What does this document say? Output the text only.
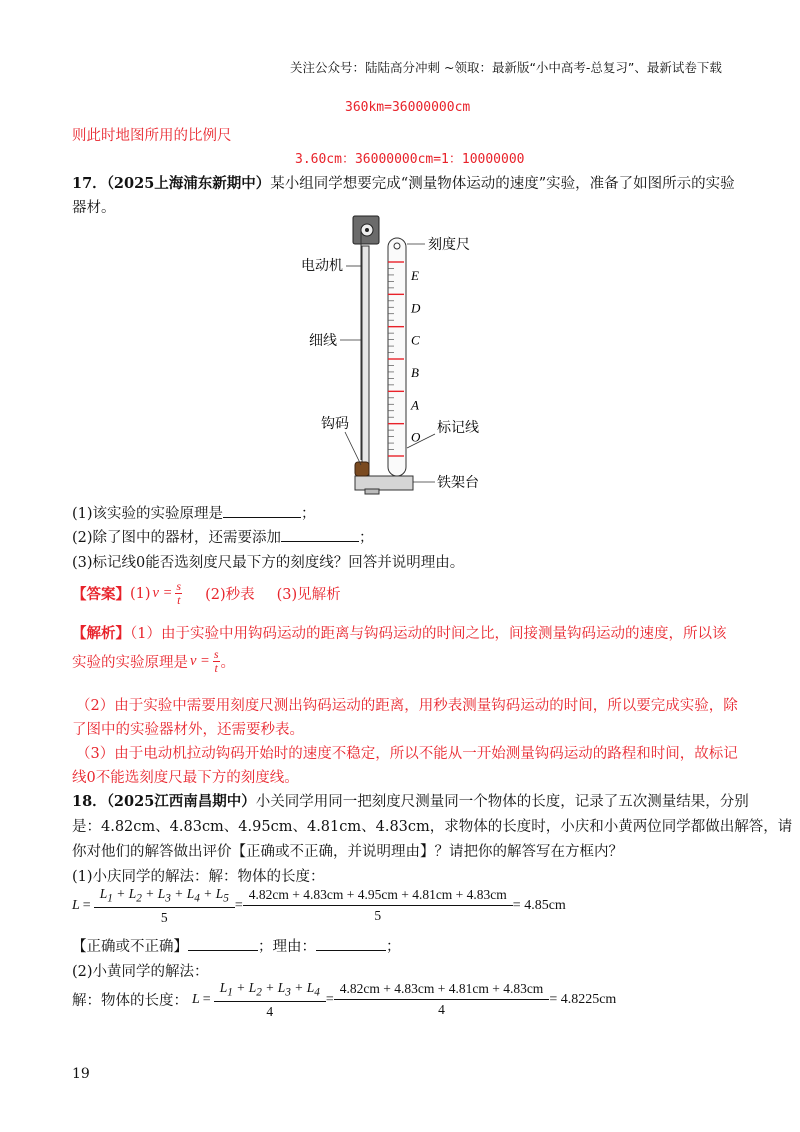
关注公众号：陆陆高分冲刺 ~领取：最新版“小中高考-总复习”、最新试卷下载
360km=36000000cm
则此时地图所用的比例尺
3.60cm：36000000cm=1：10000000
17．（2025上海浦东新期中）某小组同学想要完成“测量物体运动的速度”实验，准备了如图所示的实验
器材。
E
D
C
B
A
O
刻度尺
电动机
细线
钩码	标记线
铁架台
(1)该实验的实验原理是	；
(2)除了图中的器材，还需要添加	；
(3)标记线0能否选刻度尺最下方的刻度线？回答并说明理由。
【答案】 (1) $v = \frac{s}{t} (2)$秒表 (3)见解析
【解析】（1）由于实验中用钩码运动的距离与钩码运动的时间之比，间接测量钩码运动的速度，所以该
实验的实验原理是 $v = \frac{s}{t}$ 。
（2）由于实验中需要用刻度尺测出钩码运动的距离，用秒表测量钩码运动的时间，所以要完成实验，除
了图中的实验器材外，还需要秒表。
（3）由于电动机拉动钩码开始时的速度不稳定，所以不能从一开始测量钩码运动的路程和时间，故标记
线0不能选刻度尺最下方的刻度线。
18．（2025江西南昌期中）小关同学用同一把刻度尺测量同一个物体的长度，记录了五次测量结果，分别
是：4.82cm、4.83cm、4.95cm、4.81cm、4.83cm，求物体的长度时，小庆和小黄两位同学都做出解答，请
你对他们的解答做出评价【正确或不正确，并说明理由】？请把你的解答写在方框内？
(1)小庆同学的解法：解：物体的长度：
$L = \frac{L_1 + L_2 + L_3 + L_4 + L_5}{5} = \frac{4.82cm + 4.83cm + 4.95cm + 4.81cm + 4.83cm}{5} = 4.85cm$
【正确或不正确】	；理由：	；
(2)小黄同学的解法：
解：物体的长度： $L = \frac{L_1 + L_2 + L_3 + L_4}{4} = \frac{4.82cm + 4.83cm + 4.81cm + 4.83cm}{4} = 4.8225cm$
19
